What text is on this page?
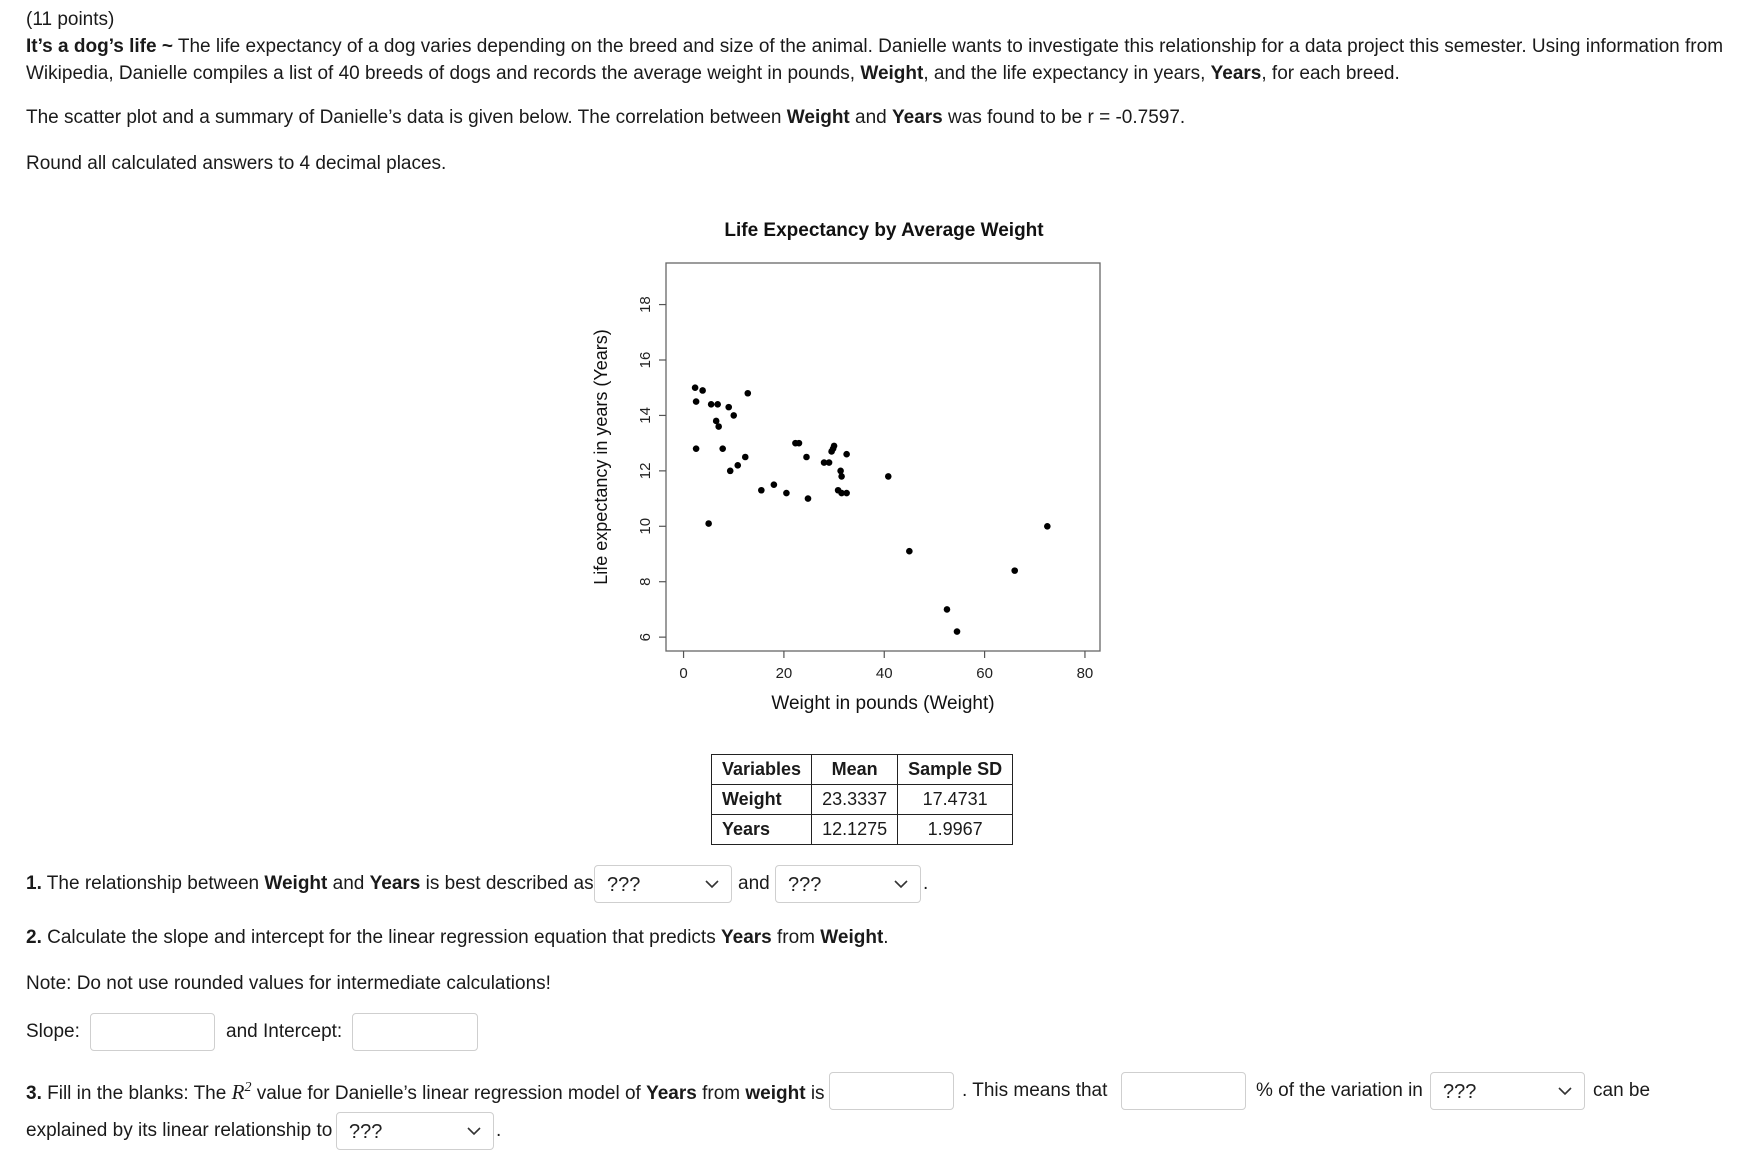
(11 points)
It’s a dog’s life ~ The life expectancy of a dog varies depending on the breed and size of the animal. Danielle wants to investigate this relationship for a data project this semester. Using information from Wikipedia, Danielle compiles a list of 40 breeds of dogs and records the average weight in pounds, Weight, and the life expectancy in years, Years, for each breed.
The scatter plot and a summary of Danielle’s data is given below. The correlation between Weight and Years was found to be r = -0.7597.
Round all calculated answers to 4 decimal places.
Life Expectancy by Average Weight
6
8
10
12
14
16
18
0	20	40	60	80
Weight in pounds (Weight)
Life expectancy in years (Years)
Variables	Mean	Sample SD
Weight	23.3337	17.4731
Years	12.1275	1.9967
1. The relationship between Weight and Years is best described as ???	and ???	.
2. Calculate the slope and intercept for the linear regression equation that predicts Years from Weight.
Note: Do not use rounded values for intermediate calculations!
Slope:	and Intercept:
3. Fill in the blanks: The $R^2$ value for Danielle’s linear regression model of Years from weight is	. This means that	% of the variation in	???	can be
explained by its linear relationship to ???	.
